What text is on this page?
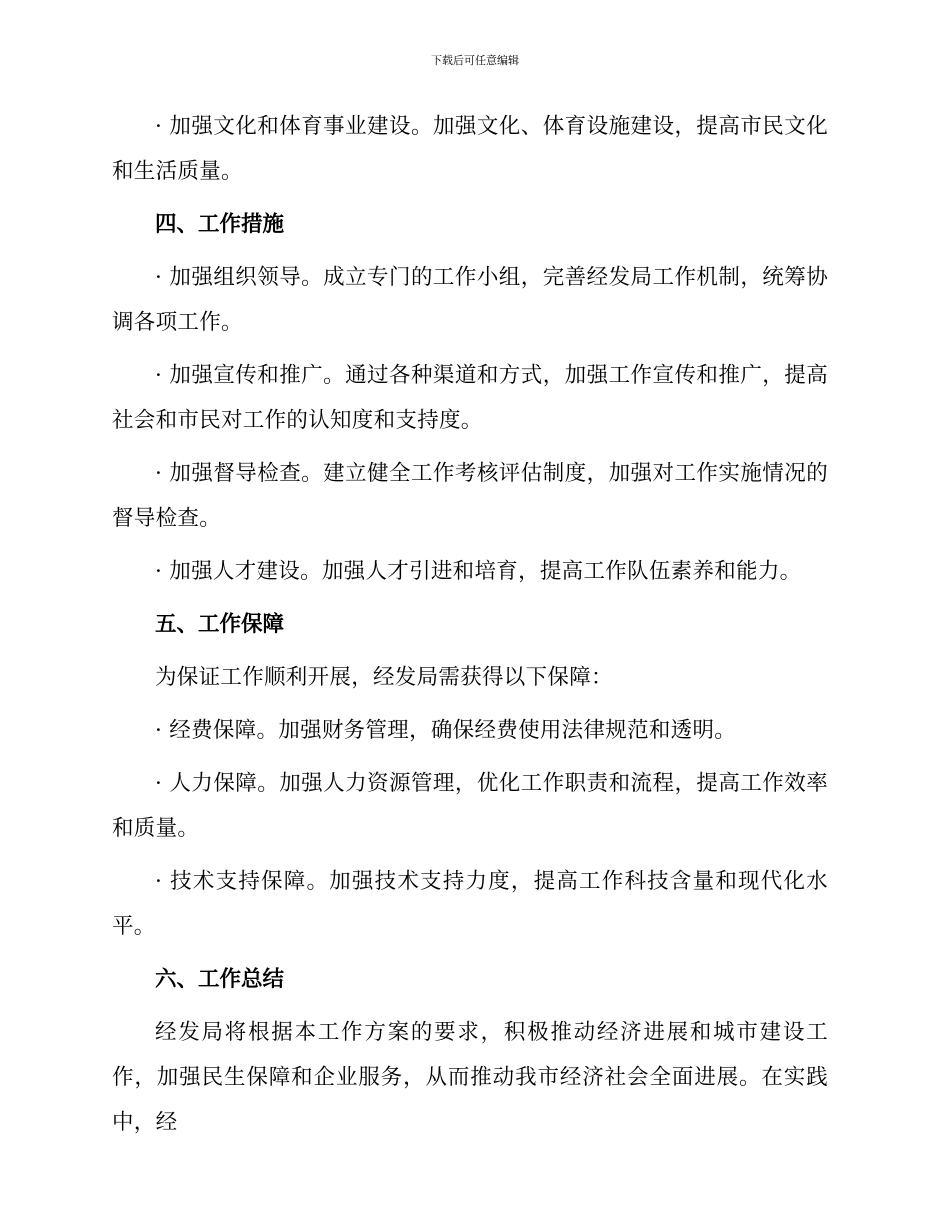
下载后可任意编辑

· 加强文化和体育事业建设。加强文化、体育设施建设，提高市民文化和生活质量。

四、工作措施

· 加强组织领导。成立专门的工作小组，完善经发局工作机制，统筹协调各项工作。

· 加强宣传和推广。通过各种渠道和方式，加强工作宣传和推广，提高社会和市民对工作的认知度和支持度。

· 加强督导检查。建立健全工作考核评估制度，加强对工作实施情况的督导检查。

· 加强人才建设。加强人才引进和培育，提高工作队伍素养和能力。

五、工作保障

为保证工作顺利开展，经发局需获得以下保障：

· 经费保障。加强财务管理，确保经费使用法律规范和透明。

· 人力保障。加强人力资源管理，优化工作职责和流程，提高工作效率和质量。

· 技术支持保障。加强技术支持力度，提高工作科技含量和现代化水平。

六、工作总结

经发局将根据本工作方案的要求，积极推动经济进展和城市建设工作，加强民生保障和企业服务，从而推动我市经济社会全面进展。在实践中，经
